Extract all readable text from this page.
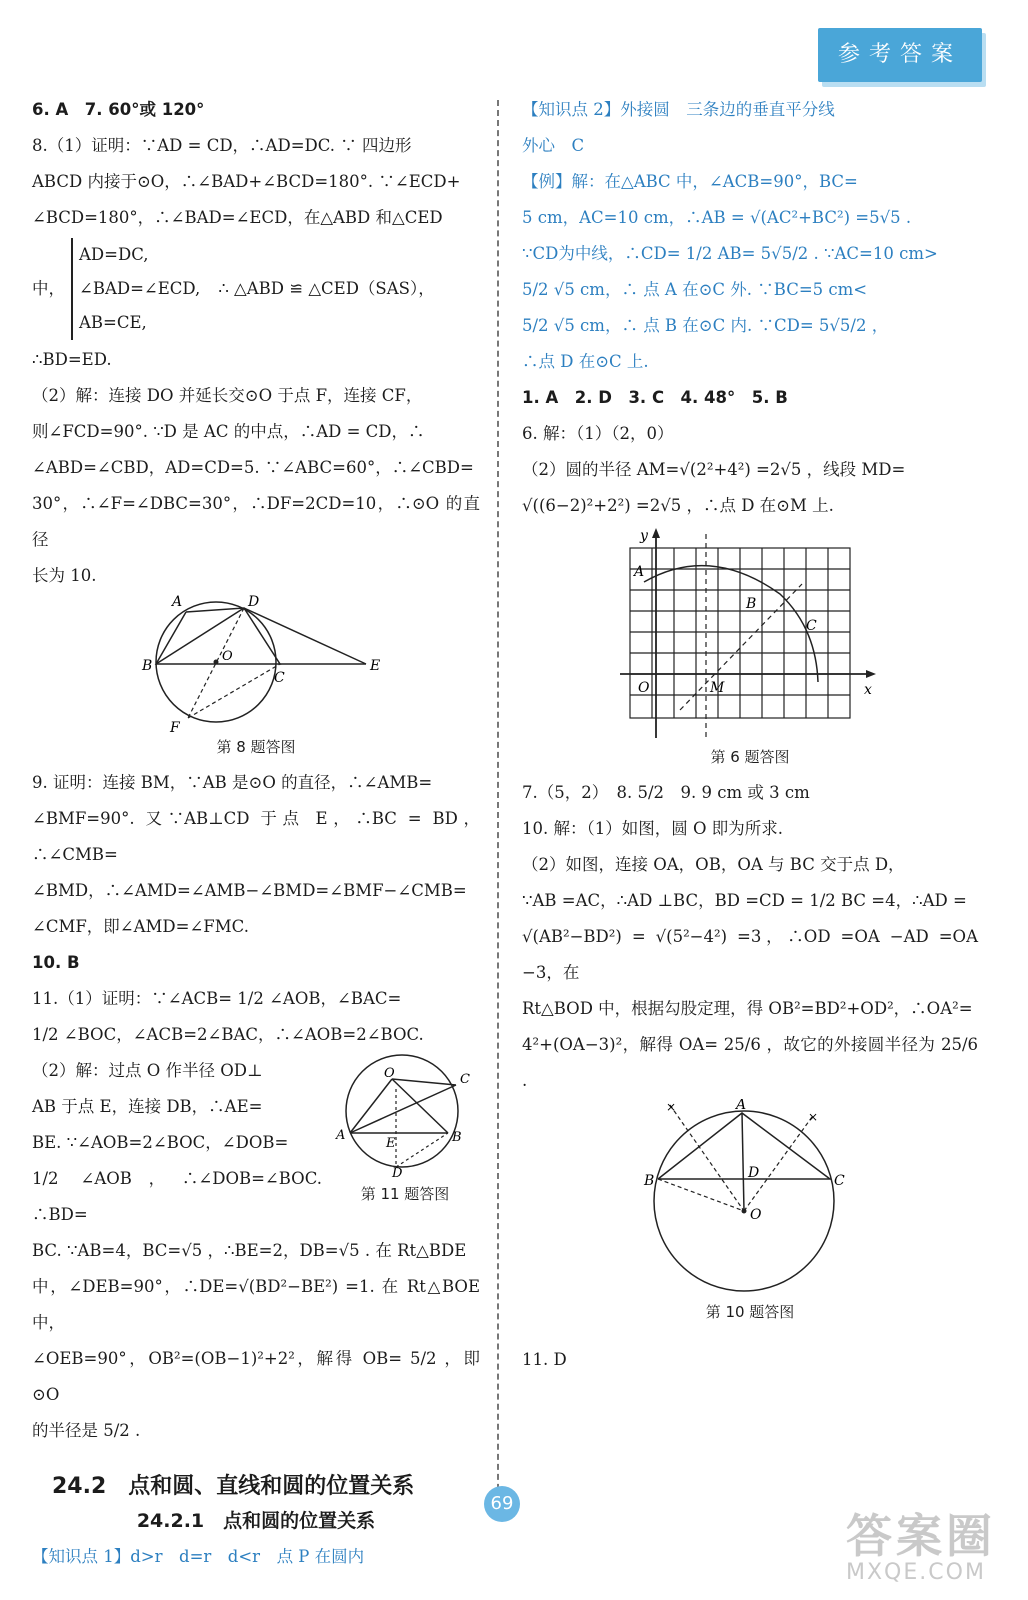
参考答案

6. A　7. 60°或 120°

8.（1）证明：∵AD = CD，∴AD=DC. ∵ 四边形

ABCD 内接于⊙O，∴∠BAD+∠BCD=180°. ∵∠ECD+

∠BCD=180°，∴∠BAD=∠ECD，在△ABD 和△CED

中，
AD=DC,
∠BAD=∠ECD,
AB=CE,
∴ △ABD ≌ △CED（SAS），

∴BD=ED.

（2）解：连接 DO 并延长交⊙O 于点 F，连接 CF，

则∠FCD=90°. ∵D 是 AC 的中点，∴AD = CD，∴

∠ABD=∠CBD，AD=CD=5. ∵∠ABC=60°，∴∠CBD=

30°，∴∠F=∠DBC=30°，∴DF=2CD=10，∴⊙O 的直径

长为 10.

A	D
B
C
E
F
O
第 8 题答图

9. 证明：连接 BM，∵AB 是⊙O 的直径，∴∠AMB=

∠BMF=90°. 又∵AB⊥CD 于点 E，∴BC = BD，∴∠CMB=

∠BMD，∴∠AMD=∠AMB−∠BMD=∠BMF−∠CMB=

∠CMF，即∠AMD=∠FMC.

10. B

11.（1）证明：∵∠ACB= 1/2 ∠AOB，∠BAC=

1/2 ∠BOC，∠ACB=2∠BAC，∴∠AOB=2∠BOC.

（2）解：过点 O 作半径 OD⊥

AB 于点 E，连接 DB，∴AE=

BE. ∵∠AOB=2∠BOC，∠DOB=

1/2 ∠AOB，∴∠DOB=∠BOC. ∴BD=

O	C
A
E	B
D
第 11 题答图

BC. ∵AB=4，BC=√5 ，∴BE=2，DB=√5 . 在 Rt△BDE

中，∠DEB=90°，∴DE=√(BD²−BE²) =1. 在 Rt△BOE 中，

∠OEB=90°，OB²=(OB−1)²+2²，解得 OB= 5/2 ，即⊙O

的半径是 5/2 .

24.2　点和圆、直线和圆的位置关系
24.2.1　点和圆的位置关系

【知识点 1】d>r　d=r　d<r　点 P 在圆内

【知识点 2】外接圆　三条边的垂直平分线

外心　C

【例】解：在△ABC 中，∠ACB=90°，BC=

5 cm，AC=10 cm，∴AB = √(AC²+BC²) =5√5 .

∵CD为中线，∴CD= 1/2 AB= 5√5/2 . ∵AC=10 cm>

5/2 √5 cm，∴ 点 A 在⊙C 外. ∵BC=5 cm<

5/2 √5 cm，∴ 点 B 在⊙C 内. ∵CD= 5√5/2 ，

∴点 D 在⊙C 上.

1. A　2. D　3. C　4. 48°　5. B

6. 解：（1）（2，0）

（2）圆的半径 AM=√(2²+4²) =2√5 ，线段 MD=

√((6−2)²+2²) =2√5 ，∴点 D 在⊙M 上.

A
B
C
O	M
y
x
第 6 题答图

7.（5，2）　8. 5/2　9. 9 cm 或 3 cm

10. 解：（1）如图，圆 O 即为所求.

（2）如图，连接 OA，OB，OA 与 BC 交于点 D，

∵AB =AC，∴AD ⊥BC，BD =CD = 1/2 BC =4，∴AD =

√(AB²−BD²) = √(5²−4²) =3，∴OD =OA −AD =OA −3，在

Rt△BOD 中，根据勾股定理，得 OB²=BD²+OD²，∴OA²=

4²+(OA−3)²，解得 OA= 25/6 ，故它的外接圆半径为 25/6 .

×
×
A
B	C
D
O
第 10 题答图

11. D

69
答案圈
MXQE.COM
